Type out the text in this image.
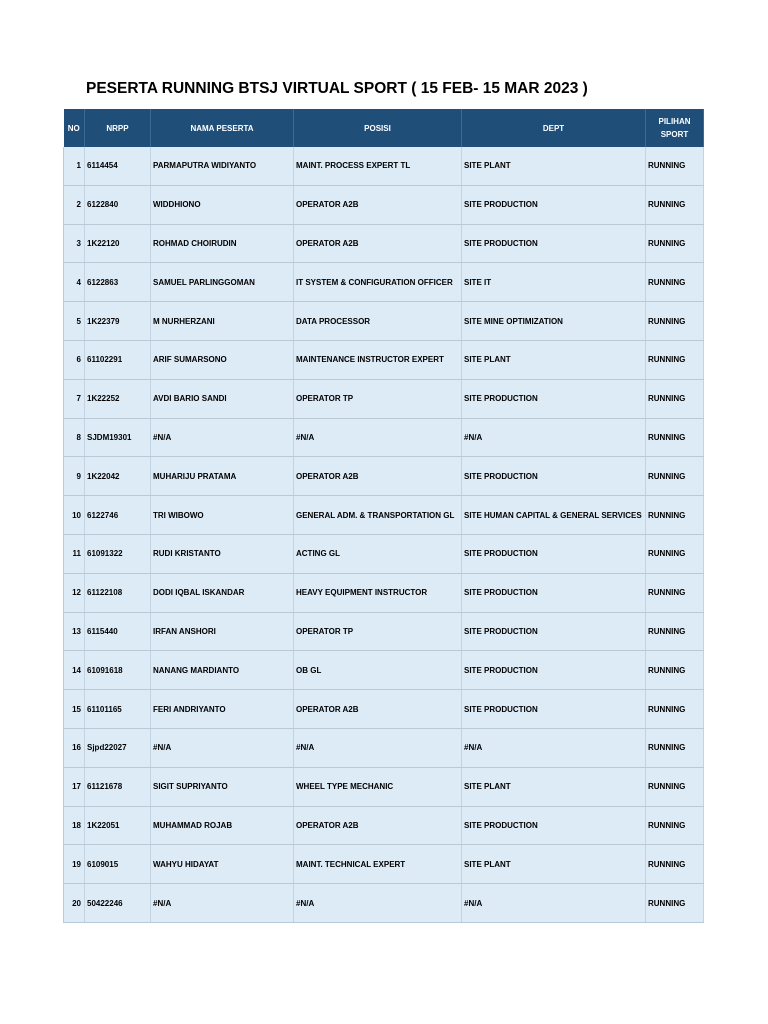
PESERTA RUNNING BTSJ VIRTUAL SPORT ( 15 FEB- 15 MAR 2023 )
NO	NRPP	NAMA PESERTA	POSISI	DEPT	PILIHAN SPORT
1	6114454	PARMAPUTRA WIDIYANTO	MAINT. PROCESS EXPERT TL	SITE PLANT	RUNNING
2	6122840	WIDDHIONO	OPERATOR A2B	SITE PRODUCTION	RUNNING
3	1K22120	ROHMAD CHOIRUDIN	OPERATOR A2B	SITE PRODUCTION	RUNNING
4	6122863	SAMUEL PARLINGGOMAN	IT SYSTEM & CONFIGURATION OFFICER	SITE IT	RUNNING
5	1K22379	M NURHERZANI	DATA PROCESSOR	SITE MINE OPTIMIZATION	RUNNING
6	61102291	ARIF SUMARSONO	MAINTENANCE INSTRUCTOR EXPERT	SITE PLANT	RUNNING
7	1K22252	AVDI BARIO SANDI	OPERATOR TP	SITE PRODUCTION	RUNNING
8	SJDM19301	#N/A	#N/A	#N/A	RUNNING
9	1K22042	MUHARIJU PRATAMA	OPERATOR A2B	SITE PRODUCTION	RUNNING
10	6122746	TRI WIBOWO	GENERAL ADM. & TRANSPORTATION GL	SITE HUMAN CAPITAL & GENERAL SERVICES	RUNNING
11	61091322	RUDI KRISTANTO	ACTING GL	SITE PRODUCTION	RUNNING
12	61122108	DODI IQBAL ISKANDAR	HEAVY EQUIPMENT INSTRUCTOR	SITE PRODUCTION	RUNNING
13	6115440	IRFAN ANSHORI	OPERATOR TP	SITE PRODUCTION	RUNNING
14	61091618	NANANG MARDIANTO	OB GL	SITE PRODUCTION	RUNNING
15	61101165	FERI ANDRIYANTO	OPERATOR A2B	SITE PRODUCTION	RUNNING
16	Sjpd22027	#N/A	#N/A	#N/A	RUNNING
17	61121678	SIGIT SUPRIYANTO	WHEEL TYPE MECHANIC	SITE PLANT	RUNNING
18	1K22051	MUHAMMAD ROJAB	OPERATOR A2B	SITE PRODUCTION	RUNNING
19	6109015	WAHYU HIDAYAT	MAINT. TECHNICAL EXPERT	SITE PLANT	RUNNING
20	50422246	#N/A	#N/A	#N/A	RUNNING
